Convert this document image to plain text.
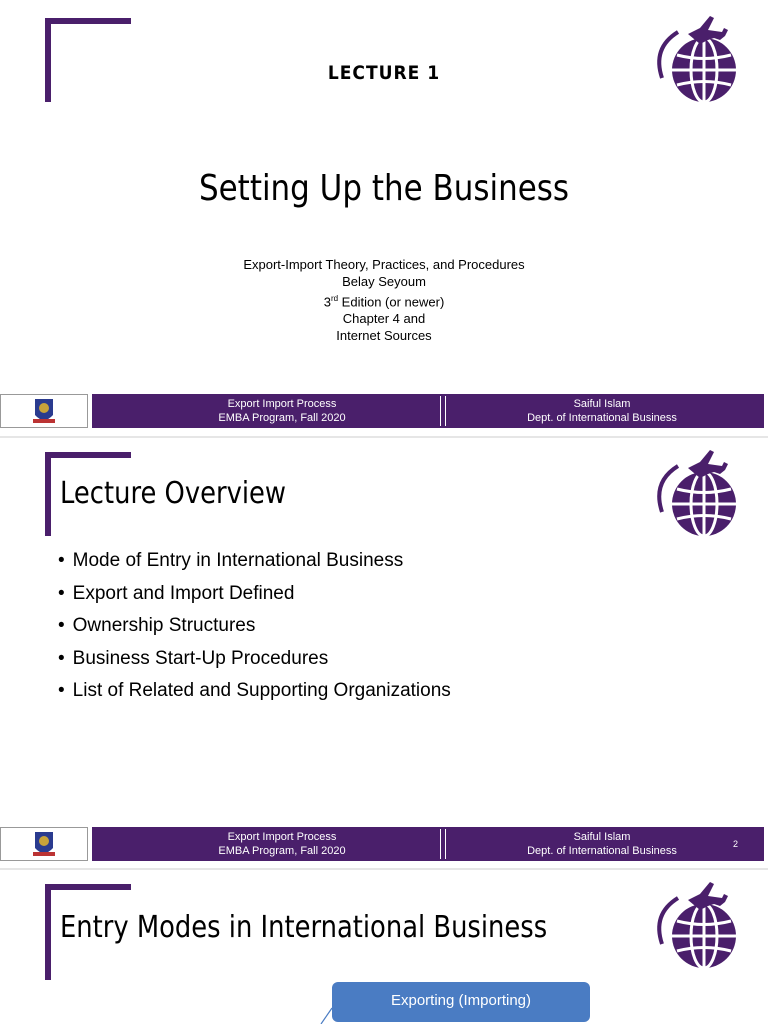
LECTURE 1
Setting Up the Business
Export-Import Theory, Practices, and Procedures
Belay Seyoum
3rd Edition (or newer)
Chapter 4 and
Internet Sources
Export Import Process
EMBA Program, Fall 2020
Saiful Islam
Dept. of International Business
Lecture Overview
• Mode of Entry in International Business
• Export and Import Defined
• Ownership Structures
• Business Start-Up Procedures
• List of Related and Supporting Organizations
Export Import Process
EMBA Program, Fall 2020
Saiful Islam
Dept. of International Business
2
Entry Modes in International Business
Exporting (Importing)
